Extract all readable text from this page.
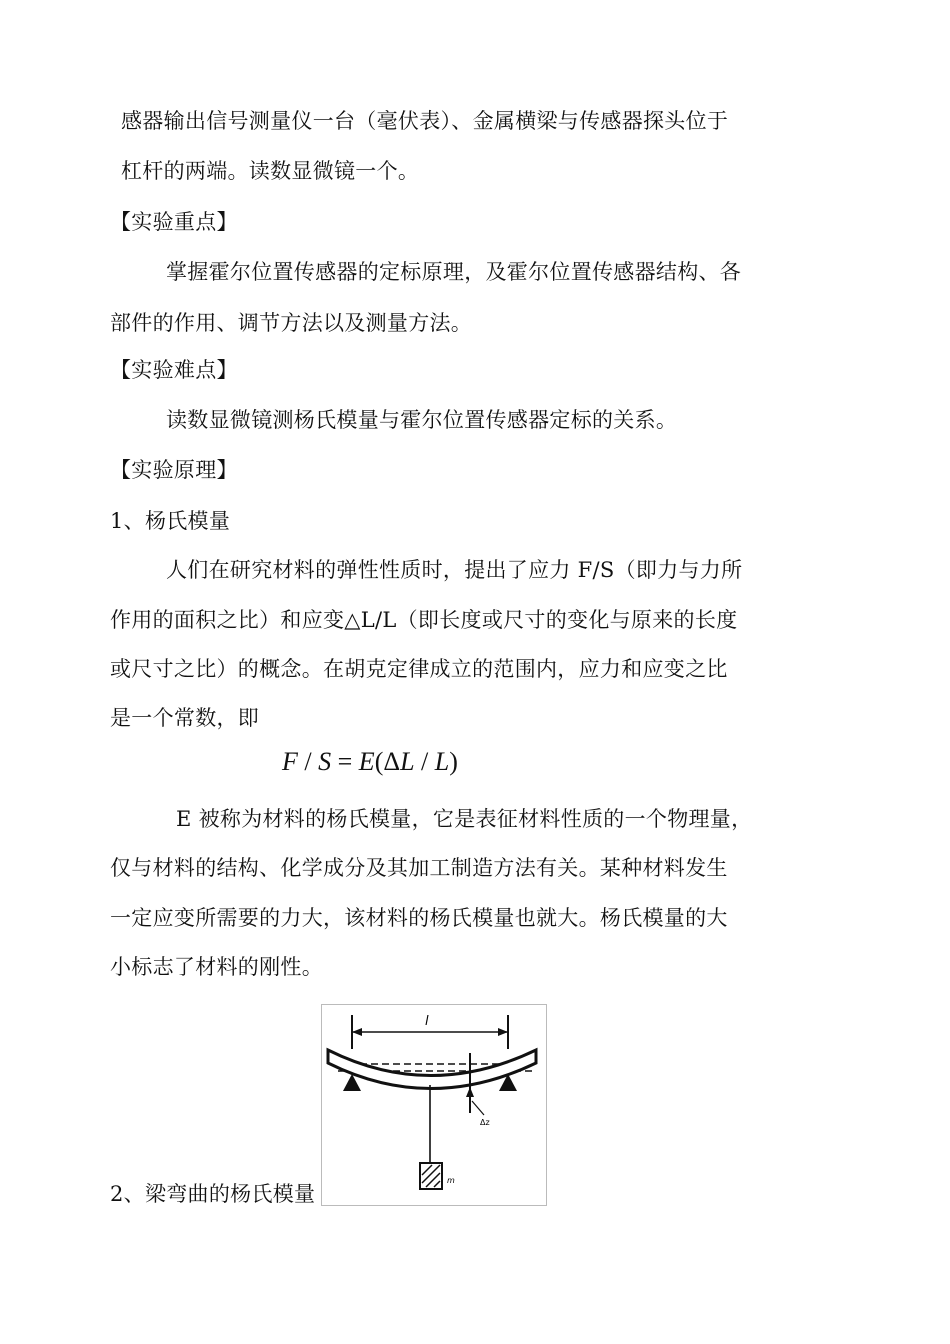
感器输出信号测量仪一台（毫伏表）、金属横梁与传感器探头位于
杠杆的两端。读数显微镜一个。
【实验重点】
掌握霍尔位置传感器的定标原理，及霍尔位置传感器结构、各
部件的作用、调节方法以及测量方法。
【实验难点】
读数显微镜测杨氏模量与霍尔位置传感器定标的关系。
【实验原理】
1、杨氏模量
人们在研究材料的弹性性质时，提出了应力 F/S（即力与力所
作用的面积之比）和应变△L/L（即长度或尺寸的变化与原来的长度
或尺寸之比）的概念。在胡克定律成立的范围内，应力和应变之比
是一个常数，即
F / S = E(ΔL / L)
E 被称为材料的杨氏模量，它是表征材料性质的一个物理量，
仅与材料的结构、化学成分及其加工制造方法有关。某种材料发生
一定应变所需要的力大，该材料的杨氏模量也就大。杨氏模量的大
小标志了材料的刚性。
2、梁弯曲的杨氏模量
l
Δz
m
